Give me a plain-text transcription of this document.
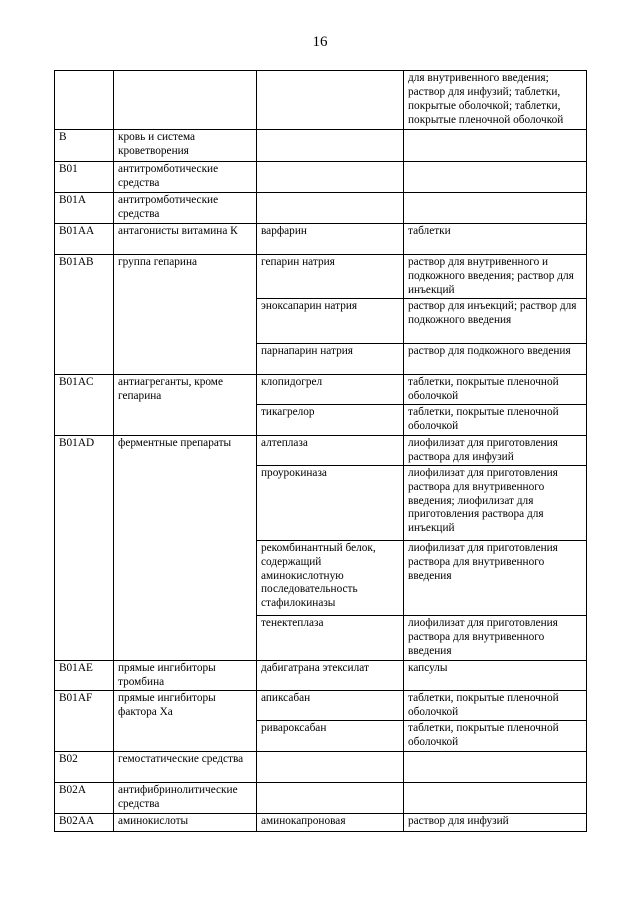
16
			для внутривенного введения; раствор для инфузий; таблетки, покрытые оболочкой; таблетки, покрытые пленочной оболочкой
B	кровь и система кроветворения		
B01	антитромботические средства		
B01A	антитромботические средства		
B01AA	антагонисты витамина К	варфарин	таблетки
B01AB	группа гепарина	гепарин натрия	раствор для внутривенного и подкожного введения; раствор для инъекций
		эноксапарин натрия	раствор для инъекций; раствор для подкожного введения
		парнапарин натрия	раствор для подкожного введения
B01AC	антиагреганты, кроме гепарина	клопидогрел	таблетки, покрытые пленочной оболочкой
		тикагрелор	таблетки, покрытые пленочной оболочкой
B01AD	ферментные препараты	алтеплаза	лиофилизат для приготовления раствора для инфузий
		проурокиназа	лиофилизат для приготовления раствора для внутривенного введения; лиофилизат для приготовления раствора для инъекций
		рекомбинантный белок, содержащий аминокислотную последовательность стафилокиназы	лиофилизат для приготовления раствора для внутривенного введения
		тенектеплаза	лиофилизат для приготовления раствора для внутривенного введения
B01AE	прямые ингибиторы тромбина	дабигатрана этексилат	капсулы
B01AF	прямые ингибиторы фактора Xa	апиксабан	таблетки, покрытые пленочной оболочкой
		ривароксабан	таблетки, покрытые пленочной оболочкой
B02	гемостатические средства		
B02A	антифибринолитические средства		
B02AA	аминокислоты	аминокапроновая	раствор для инфузий
